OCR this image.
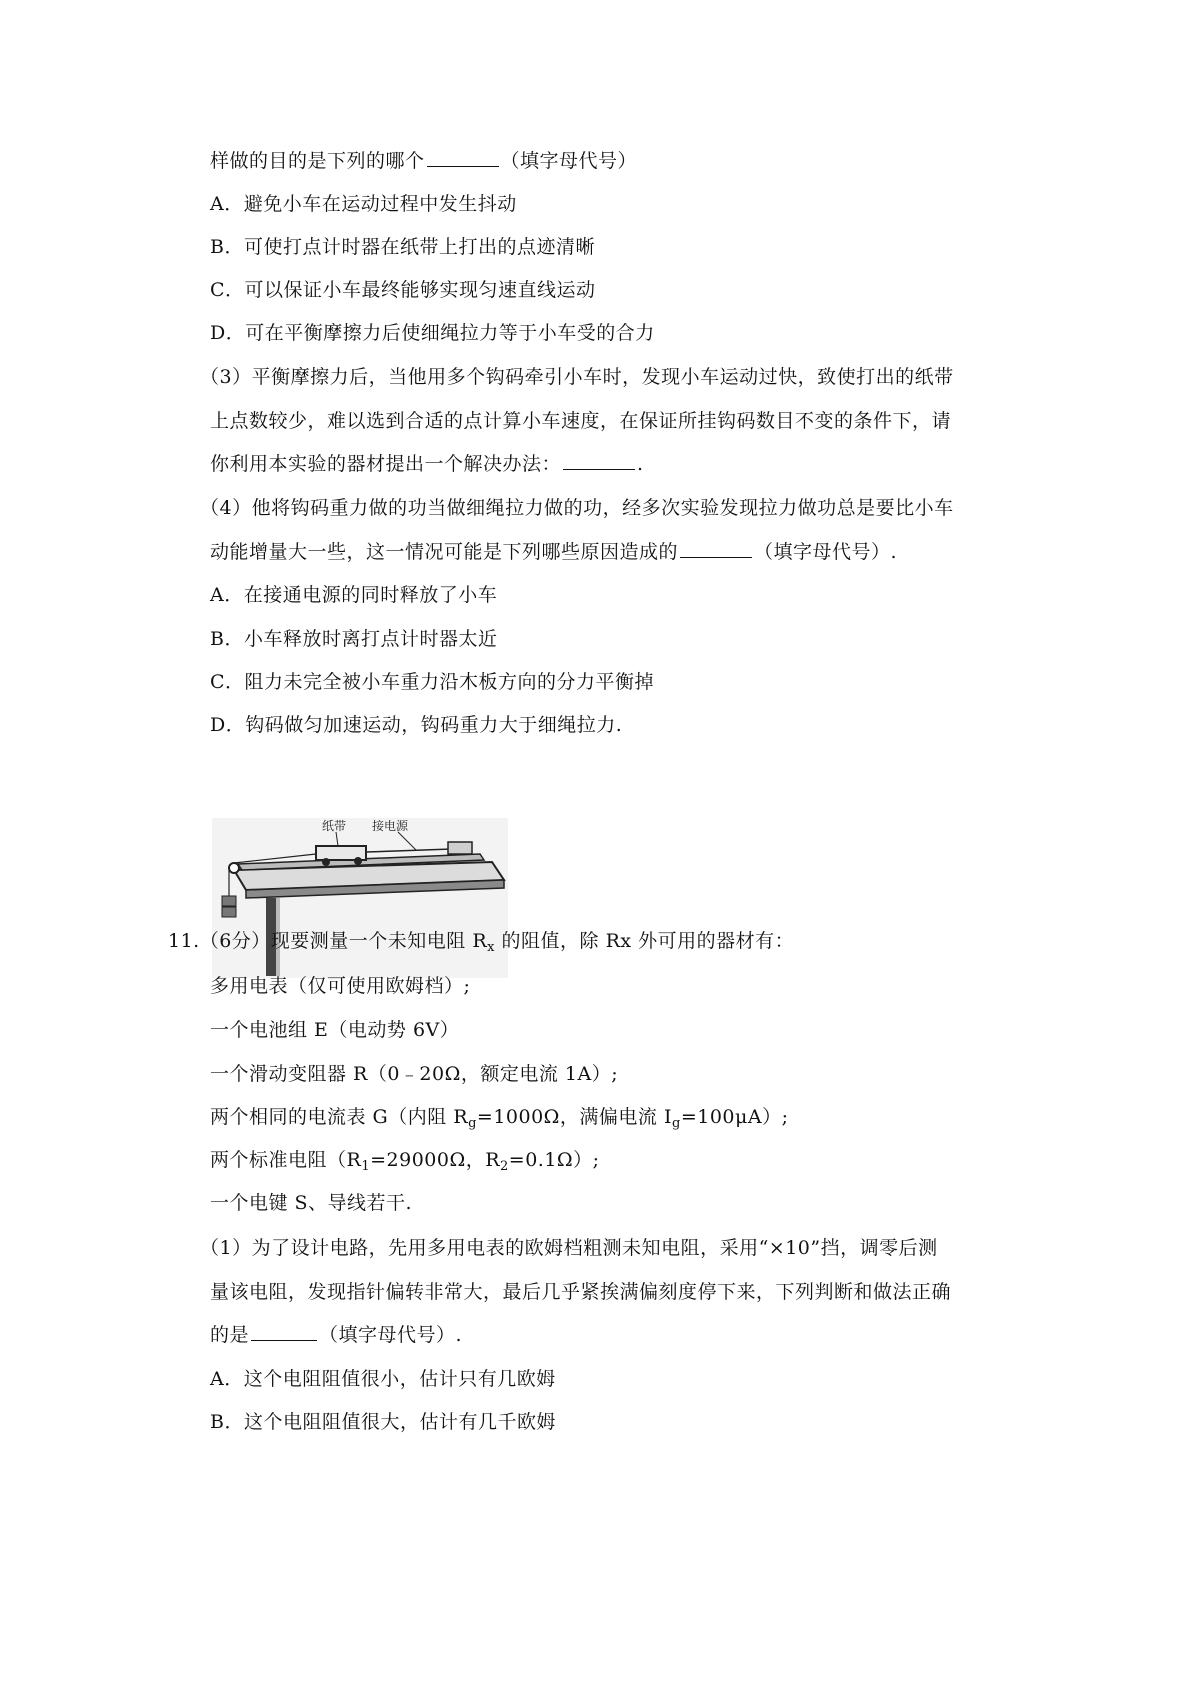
样做的目的是下列的哪个	（填字母代号）
A．避免小车在运动过程中发生抖动
B．可使打点计时器在纸带上打出的点迹清晰
C．可以保证小车最终能够实现匀速直线运动
D．可在平衡摩擦力后使细绳拉力等于小车受的合力
（3）平衡摩擦力后，当他用多个钩码牵引小车时，发现小车运动过快，致使打出的纸带
上点数较少，难以选到合适的点计算小车速度，在保证所挂钩码数目不变的条件下，请
你利用本实验的器材提出一个解决办法：	.
（4）他将钩码重力做的功当做细绳拉力做的功，经多次实验发现拉力做功总是要比小车
动能增量大一些，这一情况可能是下列哪些原因造成的	（填字母代号）.
A．在接通电源的同时释放了小车
B．小车释放时离打点计时器太近
C．阻力未完全被小车重力沿木板方向的分力平衡掉
D．钩码做匀加速运动，钩码重力大于细绳拉力.
纸带 接电源
11.（6分）现要测量一个未知电阻 $R_x$ 的阻值，除 Rx 外可用的器材有：
多用电表（仅可使用欧姆档）;
一个电池组 E（电动势 6V）
一个滑动变阻器 R（0﹣20Ω，额定电流 1A）;
两个相同的电流表 G（内阻 $R_g=1000\Omega$，满偏电流 $I_g=100\mu A$）;
两个标准电阻（$R_1=29000\Omega$，$R_2=0.1\Omega$）;
一个电键 S、导线若干.
（1）为了设计电路，先用多用电表的欧姆档粗测未知电阻，采用“×10”挡，调零后测
量该电阻，发现指针偏转非常大，最后几乎紧挨满偏刻度停下来，下列判断和做法正确
的是	（填字母代号）.
A．这个电阻阻值很小，估计只有几欧姆
B．这个电阻阻值很大，估计有几千欧姆
